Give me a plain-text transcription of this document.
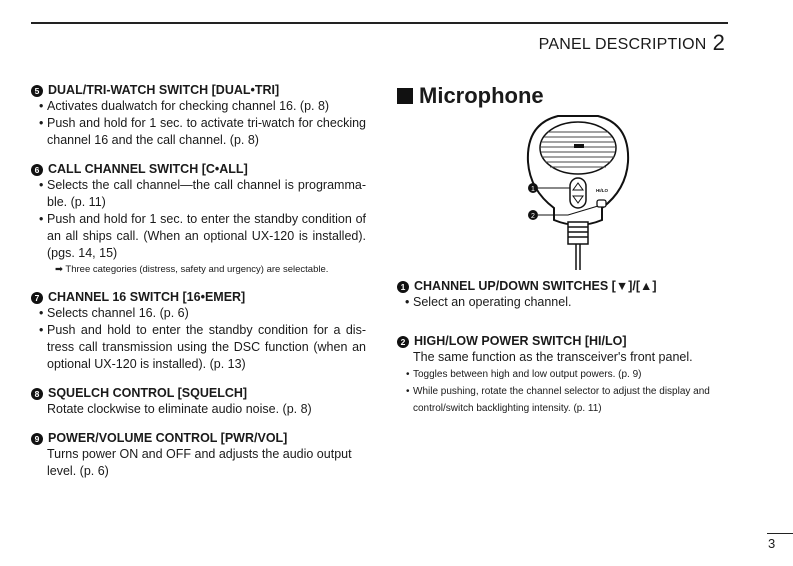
PANEL DESCRIPTION 2
5 DUAL/TRI-WATCH SWITCH [DUAL•TRI]
• Activates dualwatch for checking channel 16. (p. 8)
• Push and hold for 1 sec. to activate tri-watch for checking channel 16 and the call channel. (p. 8)
6 CALL CHANNEL SWITCH [C•ALL]
• Selects the call channel—the call channel is programma-ble. (p. 11)
• Push and hold for 1 sec. to enter the standby condition of an all ships call. (When an optional UX-120 is installed). (pgs. 14, 15)
➡ Three categories (distress, safety and urgency) are selectable.
7 CHANNEL 16 SWITCH [16•EMER]
• Selects channel 16. (p. 6)
• Push and hold to enter the standby condition for a dis-tress call transmission using the DSC function (when an optional UX-120 is installed). (p. 13)
8 SQUELCH CONTROL [SQUELCH]
Rotate clockwise to eliminate audio noise. (p. 8)
9 POWER/VOLUME CONTROL [PWR/VOL]
Turns power ON and OFF and adjusts the audio output level. (p. 6)
Microphone
1 CHANNEL UP/DOWN SWITCHES [▼]/[▲]
• Select an operating channel.
2 HIGH/LOW POWER SWITCH [HI/LO]
The same function as the transceiver's front panel.
• Toggles between high and low output powers. (p. 9)
• While pushing, rotate the channel selector to adjust the display and control/switch backlighting intensity. (p. 11)
HI/LO
1
2
3
